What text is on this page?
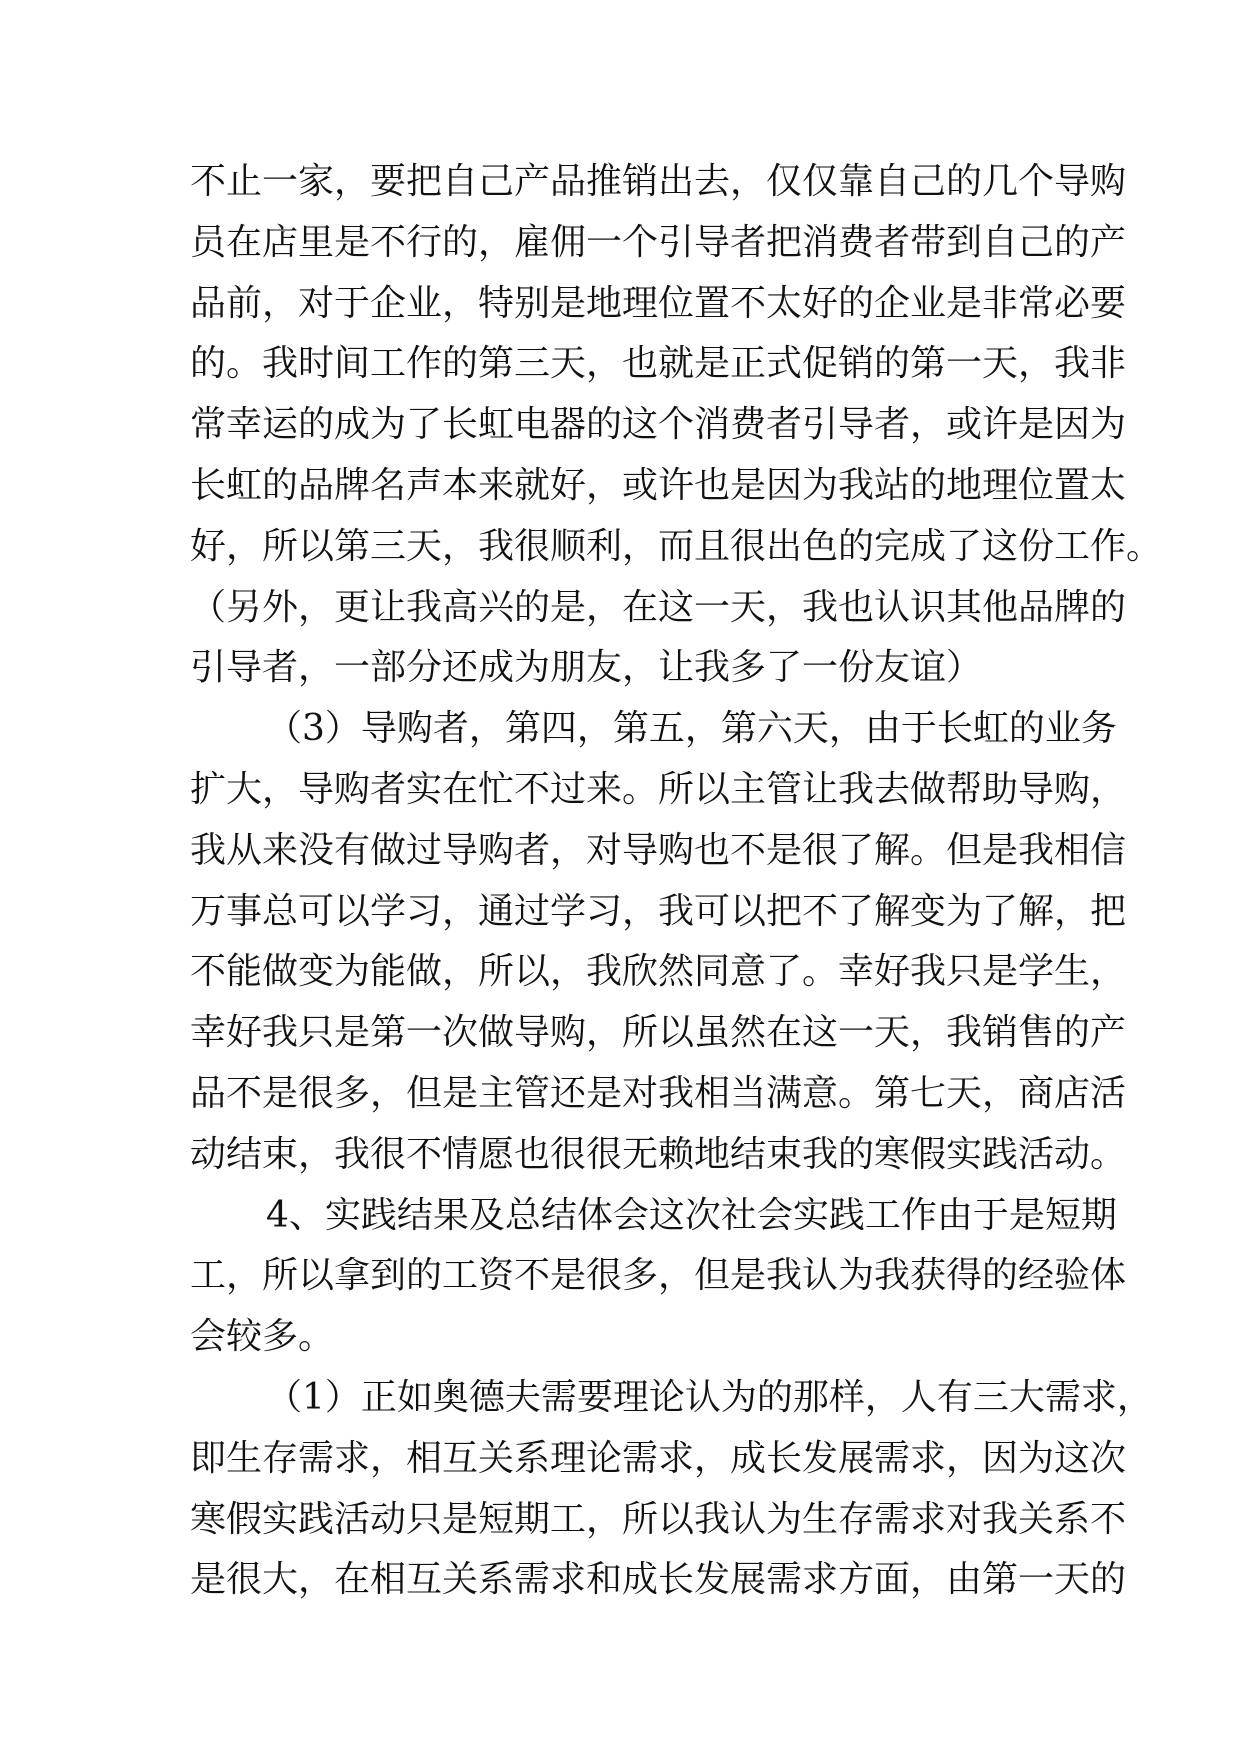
不止一家，要把自己产品推销出去，仅仅靠自己的几个导购
员在店里是不行的，雇佣一个引导者把消费者带到自己的产
品前，对于企业，特别是地理位置不太好的企业是非常必要
的。我时间工作的第三天，也就是正式促销的第一天，我非
常幸运的成为了长虹电器的这个消费者引导者，或许是因为
长虹的品牌名声本来就好，或许也是因为我站的地理位置太
好，所以第三天，我很顺利，而且很出色的完成了这份工作。
（另外，更让我高兴的是，在这一天，我也认识其他品牌的
引导者，一部分还成为朋友，让我多了一份友谊）
（3）导购者，第四，第五，第六天，由于长虹的业务
扩大，导购者实在忙不过来。所以主管让我去做帮助导购，
我从来没有做过导购者，对导购也不是很了解。但是我相信
万事总可以学习，通过学习，我可以把不了解变为了解，把
不能做变为能做，所以，我欣然同意了。幸好我只是学生，
幸好我只是第一次做导购，所以虽然在这一天，我销售的产
品不是很多，但是主管还是对我相当满意。第七天，商店活
动结束，我很不情愿也很很无赖地结束我的寒假实践活动。
4、实践结果及总结体会这次社会实践工作由于是短期
工，所以拿到的工资不是很多，但是我认为我获得的经验体
会较多。
（1）正如奥德夫需要理论认为的那样，人有三大需求，
即生存需求，相互关系理论需求，成长发展需求，因为这次
寒假实践活动只是短期工，所以我认为生存需求对我关系不
是很大，在相互关系需求和成长发展需求方面，由第一天的
